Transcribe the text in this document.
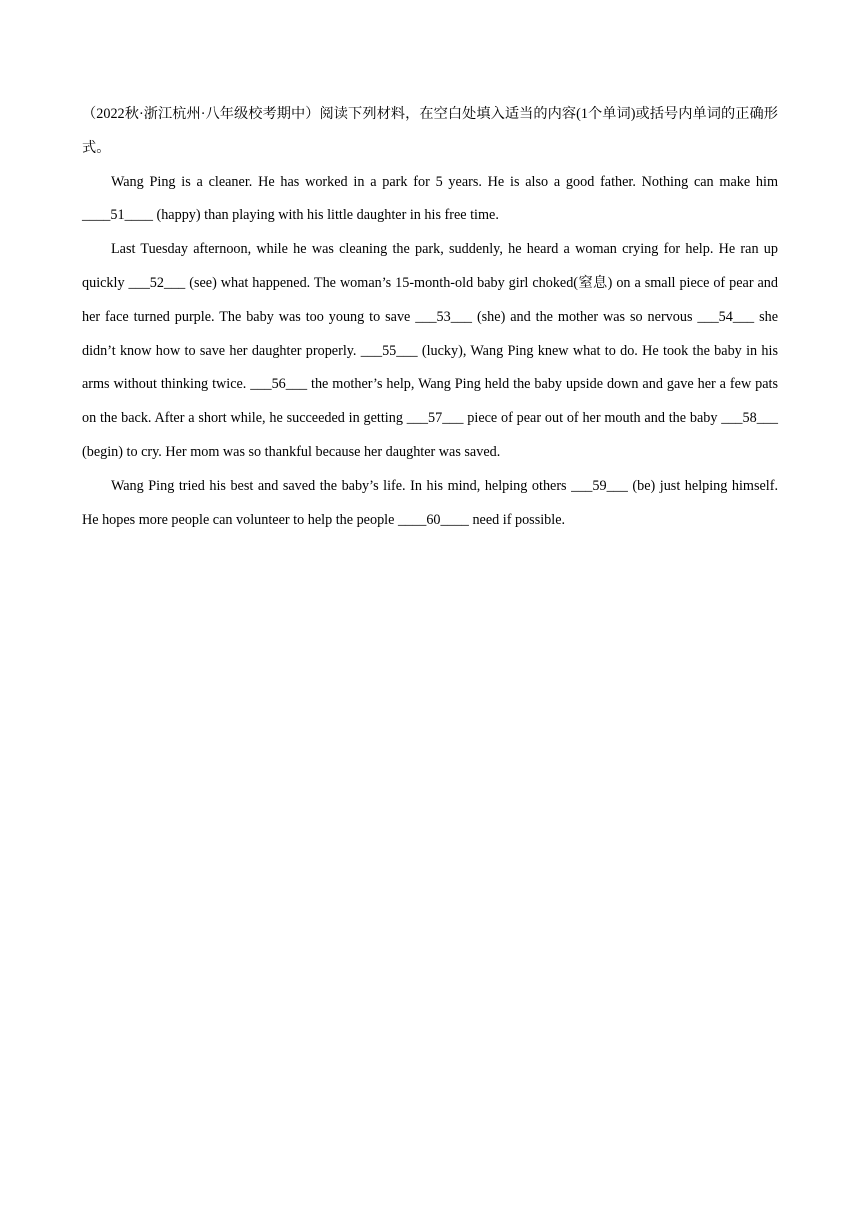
（2022秋·浙江杭州·八年级校考期中）阅读下列材料，在空白处填入适当的内容(1个单词)或括号内单词的正确形式。

Wang Ping is a cleaner. He has worked in a park for 5 years. He is also a good father. Nothing can make him ____51____ (happy) than playing with his little daughter in his free time.

Last Tuesday afternoon, while he was cleaning the park, suddenly, he heard a woman crying for help. He ran up quickly ___52___ (see) what happened. The woman’s 15-month-old baby girl choked(窒息) on a small piece of pear and her face turned purple. The baby was too young to save ___53___ (she) and the mother was so nervous ___54___ she didn’t know how to save her daughter properly. ___55___ (lucky), Wang Ping knew what to do. He took the baby in his arms without thinking twice. ___56___ the mother’s help, Wang Ping held the baby upside down and gave her a few pats on the back. After a short while, he succeeded in getting ___57___ piece of pear out of her mouth and the baby ___58___ (begin) to cry. Her mom was so thankful because her daughter was saved.

Wang Ping tried his best and saved the baby’s life. In his mind, helping others ___59___ (be) just helping himself. He hopes more people can volunteer to help the people ____60____ need if possible.
